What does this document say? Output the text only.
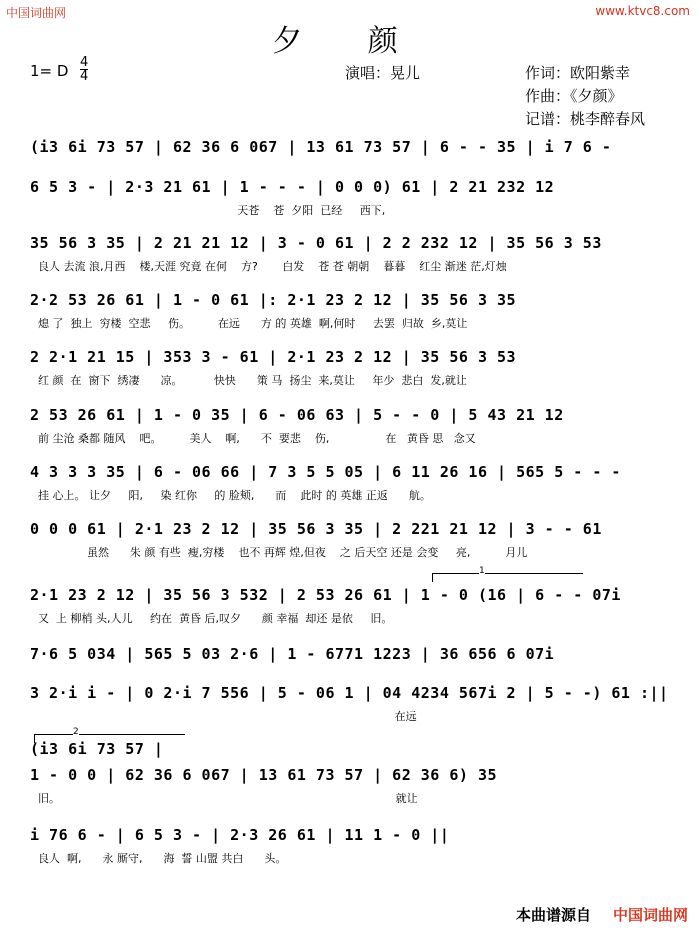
中国词曲网	www.ktvc8.com
夕 颜
1= D 4
4	演唱：晃儿	作词：欧阳紫幸
作曲：《夕颜》
记谱：桃李醉春风
(i3 6i 73 57 | 62 36 6 067 | 13 61 73 57 | 6 - - 35 | i 7 6 -
6 5 3 - | 2·3 21 61 | 1 - - - | 0 0 0) 61 | 2 21 232 12
天苍    苍  夕阳  已经     西下,
35 56 3 35 | 2 21 21 12 | 3 - 0 61 | 2 2 232 12 | 35 56 3 53
良人 去流 浪,月西    楼,天涯 究竟 在何    方?       白发    苍 苍 朝朝    暮暮    红尘 渐迷 茫,灯烛
2·2 53 26 61 | 1 - 0 61 |: 2·1 23 2 12 | 35 56 3 35
熄 了  独上  穷楼  空悲     伤。        在远      方 的 英雄  啊,何时     去罢  归故  乡,莫让
2 2·1 21 15 | 353 3 - 61 | 2·1 23 2 12 | 35 56 3 53
红 颜  在  窗下  绣凄      凉。         快快      策 马  扬尘  来,莫让     年少  悲白  发,就让
2 53 26 61 | 1 - 0 35 | 6 - 06 63 | 5 - - 0 | 5 43 21 12
前 尘沧 桑都 随风    吧。        美人    啊,      不  要悲    伤,                在   黄昏 思   念又
4 3 3 3 35 | 6 - 06 66 | 7 3 5 5 05 | 6 11 26 16 | 565 5 - - -
挂 心上。 让夕     阳,     染 红你     的 脸颊,      而    此时 的 英雄 正返      航。
0 0 0 61 | 2·1 23 2 12 | 35 56 3 35 | 2 221 21 12 | 3 - - 61
虽然      朱 颜 有些  瘦,穷楼    也不 再辉 煌,但夜    之 后天空 还是 会变     亮,          月儿
1
2·1 23 2 12 | 35 56 3 532 | 2 53 26 61 | 1 - 0 (16 | 6 - - 07i
又  上 柳梢 头,人儿     约在  黄昏 后,叹夕      颜 幸福  却还 是依     旧。
7·6 5 034 | 565 5 03 2·6 | 1 - 6771 1223 | 36 656 6 07i
3 2·i i - | 0 2·i 7 556 | 5 - 06 1 | 04 4234 567i 2 | 5 - -) 61 :||
在远
2
(i3 6i 73 57 |
1 - 0 0 | 62 36 6 067 | 13 61 73 57 | 62 36 6) 35
旧。                                                                                                就让
i 76 6 - | 6 5 3 - | 2·3 26 61 | 11 1 - 0 ||
良人  啊,      永 厮守,      海  誓 山盟 共白      头。
本曲谱源自 中国词曲网
